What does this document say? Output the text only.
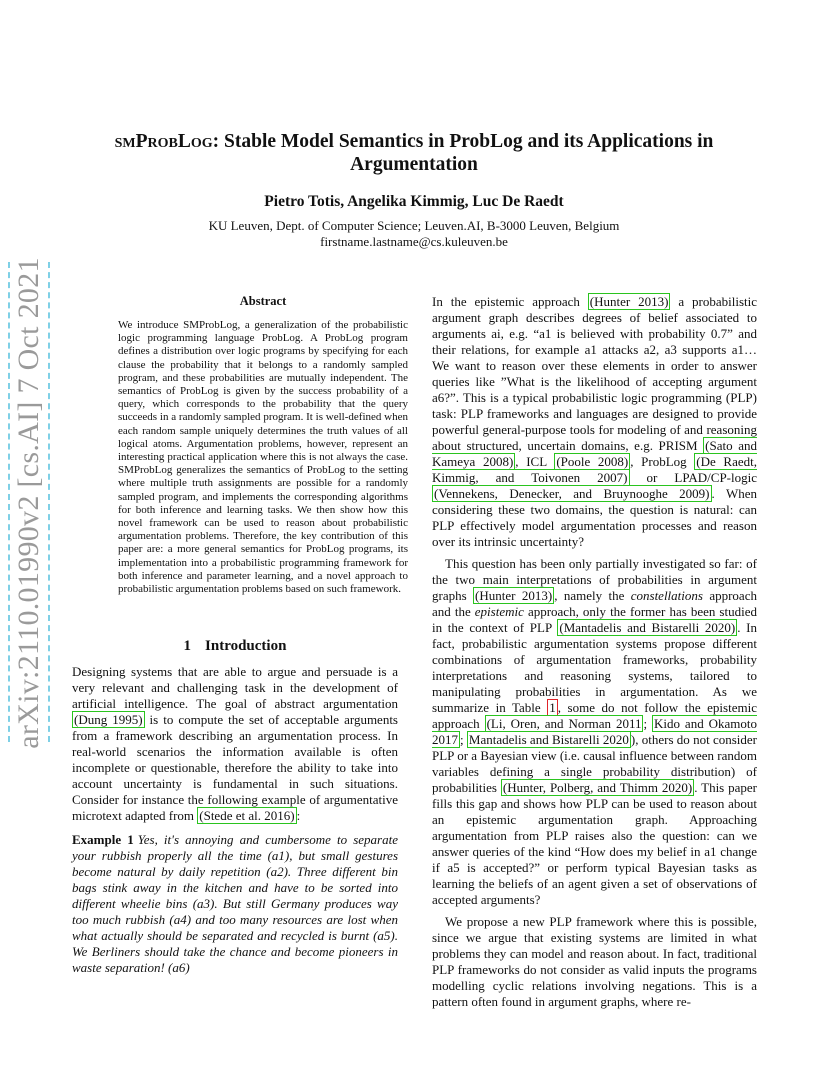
arXiv:2110.01990v2 [cs.AI] 7 Oct 2021
smProbLog: Stable Model Semantics in ProbLog and its Applications in Argumentation
Pietro Totis, Angelika Kimmig, Luc De Raedt
KU Leuven, Dept. of Computer Science; Leuven.AI, B-3000 Leuven, Belgium
firstname.lastname@cs.kuleuven.be
Abstract
We introduce SMProbLog, a generalization of the probabilistic logic programming language ProbLog. A ProbLog program defines a distribution over logic programs by specifying for each clause the probability that it belongs to a randomly sampled program, and these probabilities are mutually independent. The semantics of ProbLog is given by the success probability of a query, which corresponds to the probability that the query succeeds in a randomly sampled program. It is well-defined when each random sample uniquely determines the truth values of all logical atoms. Argumentation problems, however, represent an interesting practical application where this is not always the case. SMProbLog generalizes the semantics of ProbLog to the setting where multiple truth assignments are possible for a randomly sampled program, and implements the corresponding algorithms for both inference and learning tasks. We then show how this novel framework can be used to reason about probabilistic argumentation problems. Therefore, the key contribution of this paper are: a more general semantics for ProbLog programs, its implementation into a probabilistic programming framework for both inference and parameter learning, and a novel approach to probabilistic argumentation problems based on such framework.
1 Introduction

Designing systems that are able to argue and persuade is a very relevant and challenging task in the development of artificial intelligence. The goal of abstract argumentation (Dung 1995) is to compute the set of acceptable arguments from a framework describing an argumentation process. In real-world scenarios the information available is often incomplete or questionable, therefore the ability to take into account uncertainty is fundamental in such situations. Consider for instance the following example of argumentative microtext adapted from (Stede et al. 2016) :

Example 1 Yes, it's annoying and cumbersome to separate your rubbish properly all the time (a1), but small gestures become natural by daily repetition (a2). Three different bin bags stink away in the kitchen and have to be sorted into different wheelie bins (a3). But still Germany produces way too much rubbish (a4) and too many resources are lost when what actually should be separated and recycled is burnt (a5). We Berliners should take the chance and become pioneers in waste separation! (a6)

In the epistemic approach (Hunter 2013) a probabilistic argument graph describes degrees of belief associated to arguments ai, e.g. “a1 is believed with probability 0.7” and their relations, for example a1 attacks a2, a3 supports a1… We want to reason over these elements in order to answer queries like ”What is the likelihood of accepting argument a6?”. This is a typical probabilistic logic programming (PLP) task: PLP frameworks and languages are designed to provide powerful general-purpose tools for modeling of and reasoning about structured, uncertain domains, e.g. PRISM (Sato and Kameya 2008) , ICL (Poole 2008) , ProbLog (De Raedt, Kimmig, and Toivonen 2007) or LPAD/CP-logic (Vennekens, Denecker, and Bruynooghe 2009) . When considering these two domains, the question is natural: can PLP effectively model argumentation processes and reason over its intrinsic uncertainty?

This question has been only partially investigated so far: of the two main interpretations of probabilities in argument graphs (Hunter 2013) , namely the constellations approach and the epistemic approach, only the former has been studied in the context of PLP (Mantadelis and Bistarelli 2020) . In fact, probabilistic argumentation systems propose different combinations of argumentation frameworks, probability interpretations and reasoning systems, tailored to manipulating probabilities in argumentation. As we summarize in Table 1 , some do not follow the epistemic approach (Li, Oren, and Norman 2011 ; Kido and Okamoto 2017 ; Mantadelis and Bistarelli 2020 ), others do not consider PLP or a Bayesian view (i.e. causal influence between random variables defining a single probability distribution) of probabilities (Hunter, Polberg, and Thimm 2020) . This paper fills this gap and shows how PLP can be used to reason about an epistemic argumentation graph. Approaching argumentation from PLP raises also the question: can we answer queries of the kind “How does my belief in a1 change if a5 is accepted?” or perform typical Bayesian tasks as learning the beliefs of an agent given a set of observations of accepted arguments?

We propose a new PLP framework where this is possible, since we argue that existing systems are limited in what problems they can model and reason about. In fact, traditional PLP frameworks do not consider as valid inputs the programs modelling cyclic relations involving negations. This is a pattern often found in argument graphs, where re-
